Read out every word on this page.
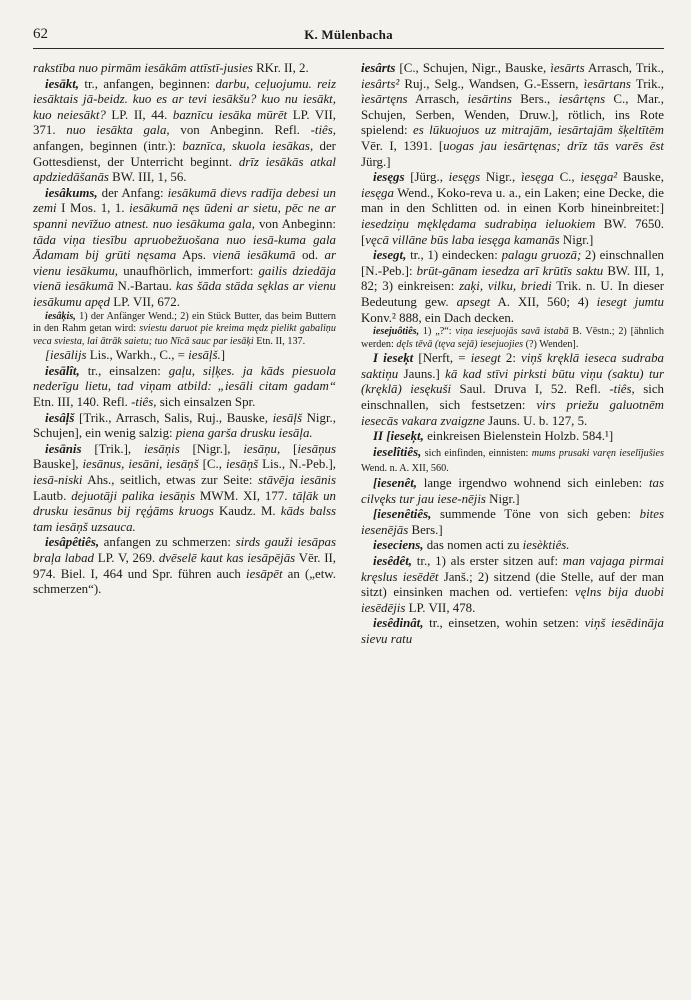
62	K. Mülenbacha

rakstība nuo pirmām iesākām attīstī-jusies RKr. II, 2.

iesākt, tr., anfangen, beginnen: darbu, ceļuojumu. reiz iesāktais jā-beidz. kuo es ar tevi iesākšu? kuo nu iesākt, kuo neiesākt? LP. II, 44. baznīcu iesāka mūrēt LP. VII, 371. nuo iesākta gala, von Anbeginn. Refl. -tiês, anfangen, beginnen (intr.): baznīca, skuola iesākas, der Gottesdienst, der Unterricht beginnt. drīz iesākās atkal apdziedāšanās BW. III, 1, 56.

iesâkums, der Anfang: iesākumā dievs radīja debesi un zemi I Mos. 1, 1. iesākumā nęs ūdeni ar sietu, pēc ne ar spanni nevīžuo atnest. nuo iesākuma gala, von Anbeginn: tāda viņa tiesību apruobežuošana nuo iesā-kuma gala Ādamam bij grūti nęsama Aps. vienā iesākumā od. ar vienu iesākumu, unaufhörlich, immerfort: gailis dziedāja vienā iesākumā N.-Bartau. kas šāda stāda sęklas ar vienu iesākumu apęd LP. VII, 672.

iesâķis, 1) der Anfänger Wend.; 2) ein Stück Butter, das beim Buttern in den Rahm getan wird: sviestu daruot pie kreima mędz pielikt gabaliņu veca sviesta, lai ātrāk saietu; tuo Nīcā sauc par iesāķi Etn. II, 137.

[iesālijs Lis., Warkh., C., = iesāļš.]

iesālît, tr., einsalzen: gaļu, siļķes. ja kāds piesuola nederīgu lietu, tad viņam atbild: „iesāli citam gadam“ Etn. III, 140. Refl. -tiês, sich einsalzen Spr.

iesâļš [Trik., Arrasch, Salis, Ruj., Bauske, iesāļš Nigr., Schujen], ein wenig salzig: piena garša drusku iesāļa.

iesānis [Trik.], iesāņis [Nigr.], iesāņu, [iesāņus Bauske], iesānus, iesāni, iesāņš [C., iesāņš Lis., N.-Peb.], iesā-niski Ahs., seitlich, etwas zur Seite: stāvēja iesānis Lautb. dejuotāji palika iesāņis MWM. XI, 177. tāļāk un drusku iesānus bij ręģāms kruogs Kaudz. M. kāds balss tam iesāņš uzsauca.

iesâpêtiês, anfangen zu schmerzen: sirds gauži iesāpas braļa labad LP. V, 269. dvēselē kaut kas iesāpējās Vēr. II, 974. Biel. I, 464 und Spr. führen auch iesāpēt an („etw. schmerzen“).

iesârts [C., Schujen, Nigr., Bauske, ìesārts Arrasch, Trik., iesârts² Ruj., Selg., Wandsen, G.-Essern, ìesārtans Trik., ìesārtęns Arrasch, iesārtins Bers., iesârtęns C., Mar., Schujen, Serben, Wenden, Druw.], rötlich, ins Rote spielend: es lūkuojuos uz mitrajām, iesārtajām šķeltītēm Vēr. I, 1391. [uogas jau iesārtęnas; drīz tās varēs ēst Jürg.]

iesęgs [Jürg., iesęgs Nigr., ìesęga C., iesęga² Bauske, iesęga Wend., Koko-reva u. a., ein Laken; eine Decke, die man in den Schlitten od. in einen Korb hineinbreitet:] iesedziņu męklędama sudrabiņa ieluokiem BW. 7650. [vęcā villāne būs laba iesęga kamanās Nigr.]

iesegt, tr., 1) eindecken: palagu gruozā; 2) einschnallen [N.-Peb.]: brūt-gānam iesedza arī krūtīs saktu BW. III, 1, 82; 3) einkreisen: zaķi, vilku, briedi Trik. n. U. In dieser Bedeutung gew. apsegt A. XII, 560; 4) iesegt jumtu Konv.² 888, ein Dach decken.

iesejuôtiês, 1) „?“: viņa iesejuojās savā istabā B. Vēstn.; 2) [ähnlich werden: dęls tēvā (tęva sejā) iesejuojies (?) Wenden].

I ieseķt [Nerft, = iesegt 2: viņš kręklā ieseca sudraba saktiņu Jauns.] kā kad stīvi pirksti būtu viņu (saktu) tur (kręklā) iesękuši Saul. Druva I, 52. Refl. -tiês, sich einschnallen, sich festsetzen: virs priežu galuotnēm iesecās vakara zvaigzne Jauns. U. b. 127, 5.

II [ieseķt, einkreisen Bielenstein Holzb. 584.¹]

ieselîtiês, sich einfinden, einnisten: mums prusaki varęn ieselījušies Wend. n. A. XII, 560.

[iesenêt, lange irgendwo wohnend sich einleben: tas cilvęks tur jau iese-nējis Nigr.]

[iesenêtiês, summende Töne von sich geben: bites iesenējās Bers.]

ieseciens, das nomen acti zu iesèktiês.

iesêdêt, tr., 1) als erster sitzen auf: man vajaga pirmai kręslus iesēdēt Janš.; 2) sitzend (die Stelle, auf der man sitzt) einsinken machen od. vertiefen: vęlns bija duobi iesēdējis LP. VII, 478.

iesêdinât, tr., einsetzen, wohin setzen: viņš iesēdināja sievu ratu
